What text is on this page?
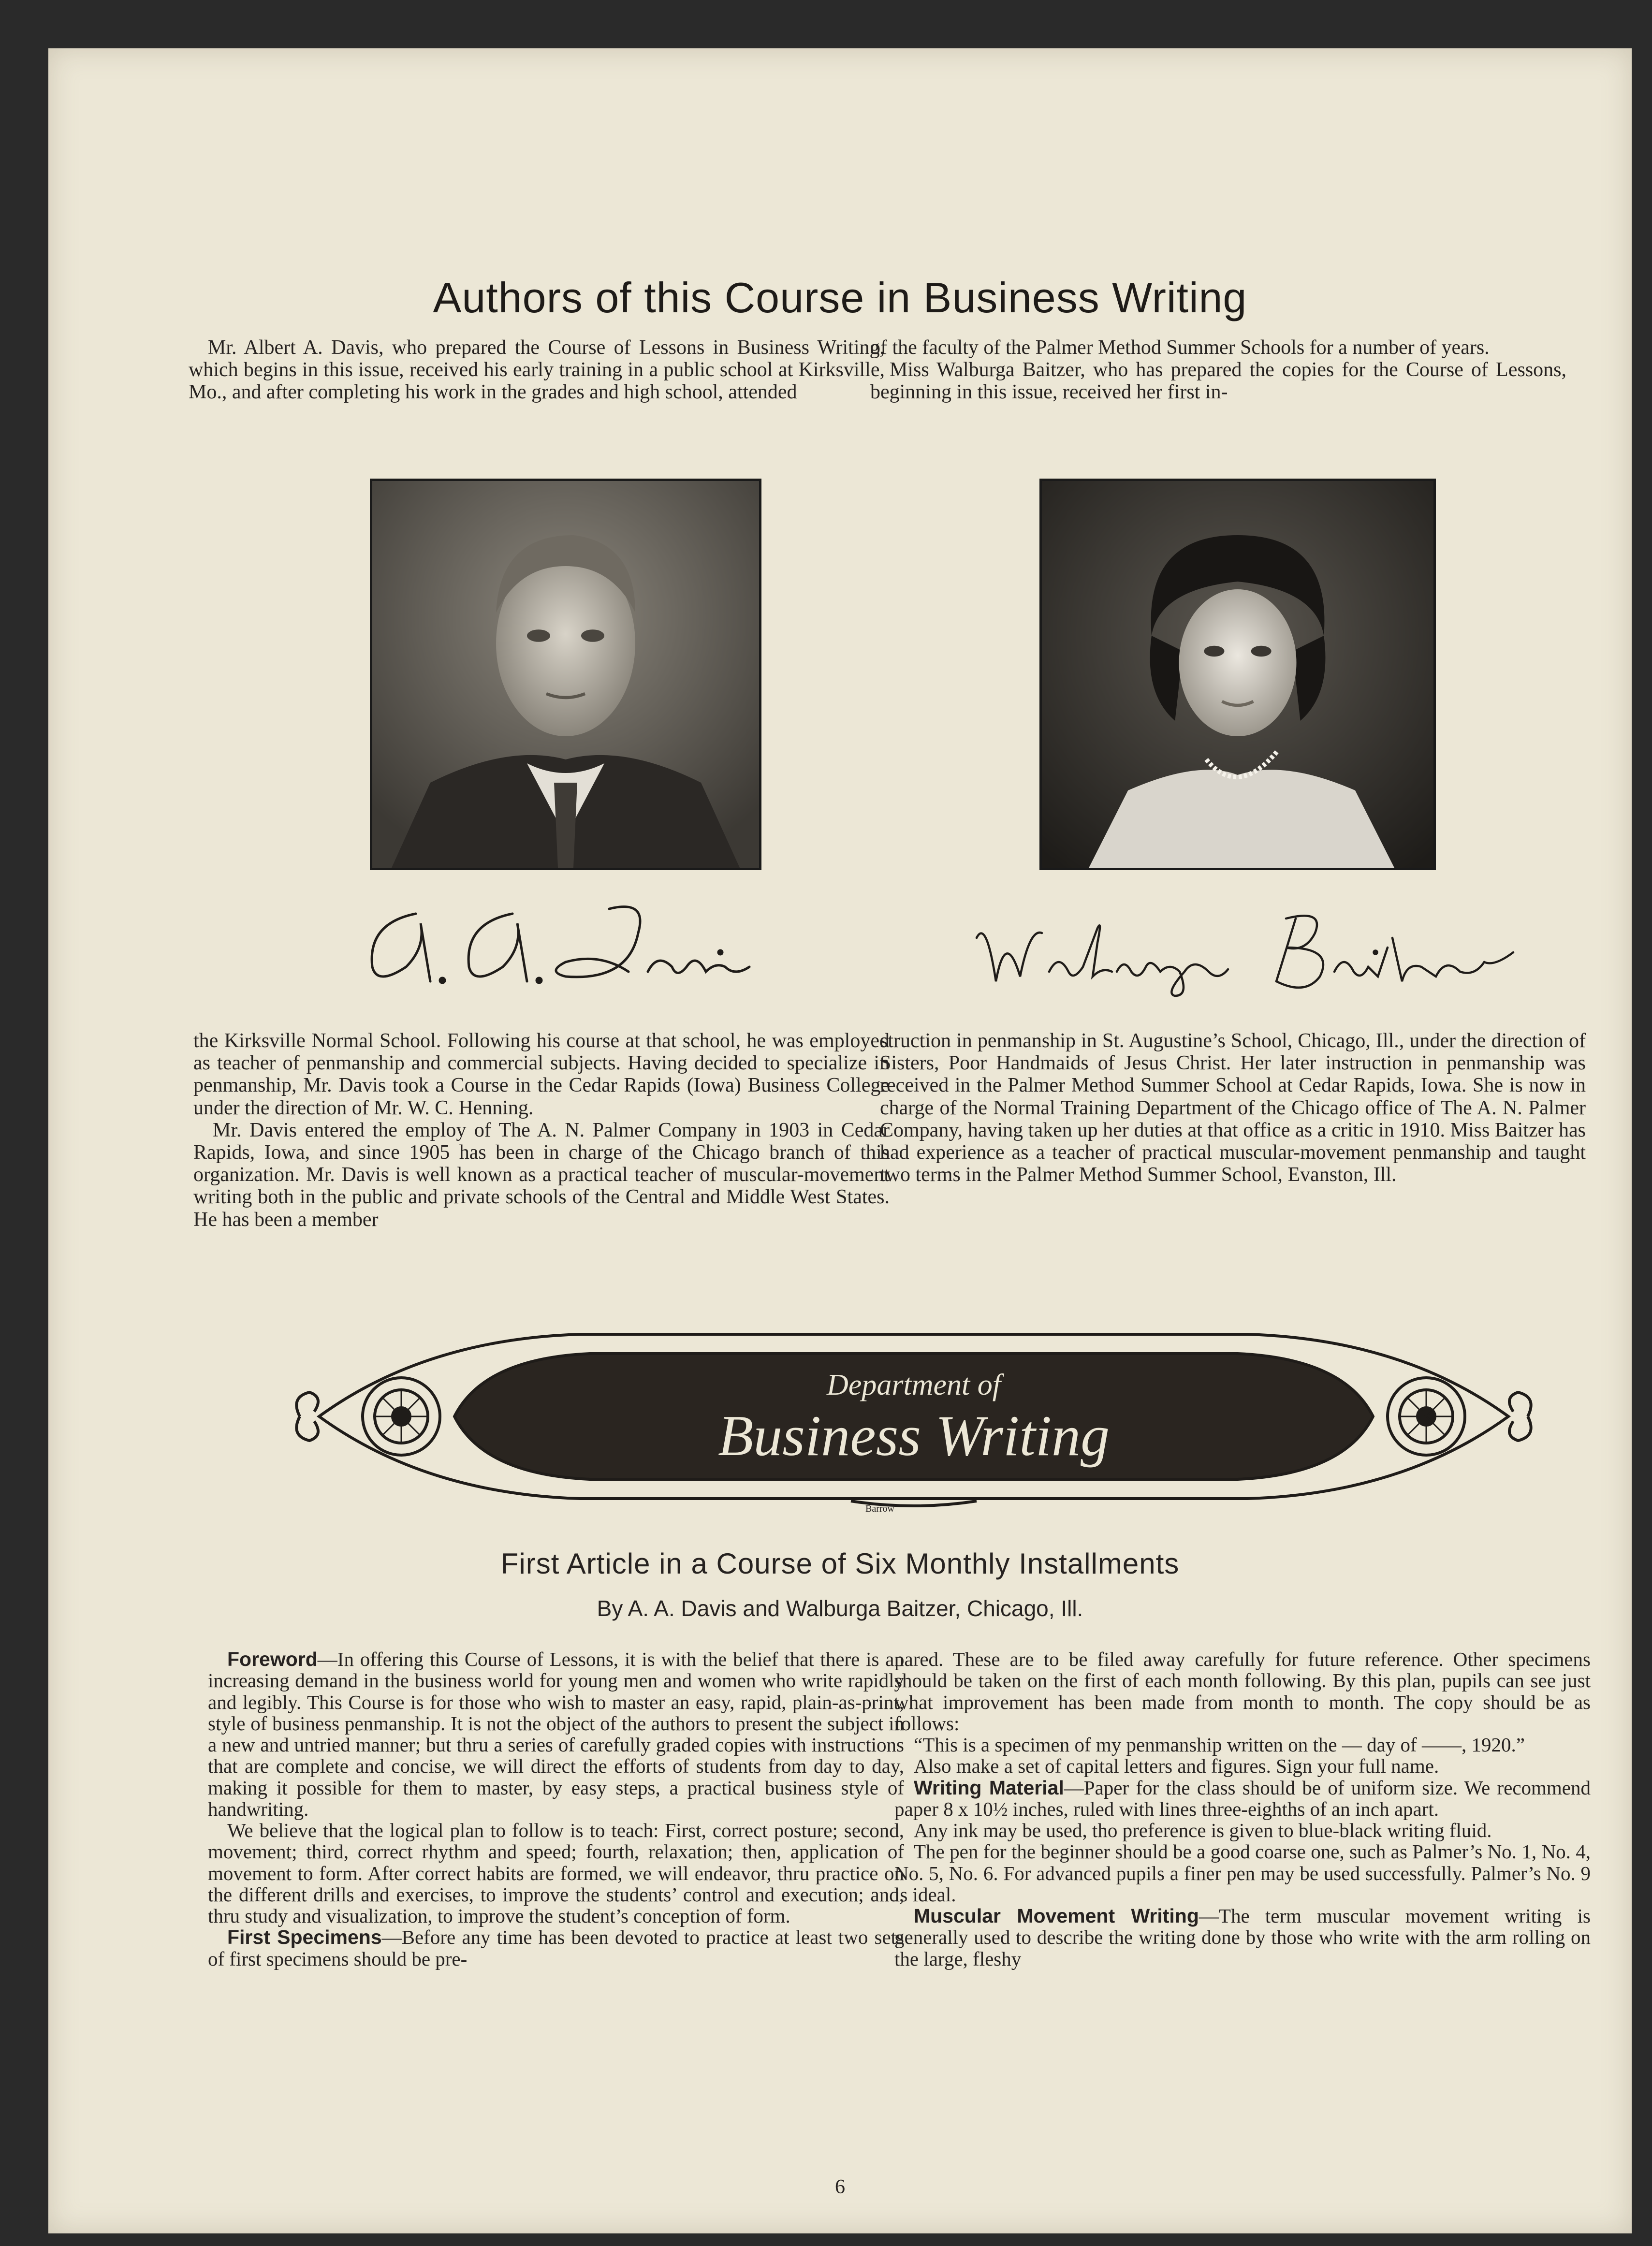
Authors of this Course in Business Writing

Mr. Albert A. Davis, who prepared the Course of Lessons in Business Writing, which begins in this issue, received his early training in a public school at Kirksville, Mo., and after completing his work in the grades and high school, attended

of the faculty of the Palmer Method Summer Schools for a number of years.

Miss Walburga Baitzer, who has prepared the copies for the Course of Lessons, beginning in this issue, received her first in-

the Kirksville Normal School. Following his course at that school, he was employed as teacher of penmanship and commercial subjects. Having decided to specialize in penmanship, Mr. Davis took a Course in the Cedar Rapids (Iowa) Business College under the direction of Mr. W. C. Henning.

Mr. Davis entered the employ of The A. N. Palmer Company in 1903 in Cedar Rapids, Iowa, and since 1905 has been in charge of the Chicago branch of this organization. Mr. Davis is well known as a practical teacher of muscular-movement writing both in the public and private schools of the Central and Middle West States. He has been a member

struction in penmanship in St. Augustine’s School, Chicago, Ill., under the direction of Sisters, Poor Handmaids of Jesus Christ. Her later instruction in penmanship was received in the Palmer Method Summer School at Cedar Rapids, Iowa. She is now in charge of the Normal Training Department of the Chicago office of The A. N. Palmer Company, having taken up her duties at that office as a critic in 1910. Miss Baitzer has had experience as a teacher of practical muscular-movement penmanship and taught two terms in the Palmer Method Summer School, Evanston, Ill.

Department of
Business Writing
Barrow
First Article in a Course of Six Monthly Installments
By A. A. Davis and Walburga Baitzer, Chicago, Ill.

Foreword—In offering this Course of Lessons, it is with the belief that there is an increasing demand in the business world for young men and women who write rapidly and legibly. This Course is for those who wish to master an easy, rapid, plain-as-print, style of business penmanship. It is not the object of the authors to present the subject in a new and untried manner; but thru a series of carefully graded copies with instructions that are complete and concise, we will direct the efforts of students from day to day, making it possible for them to master, by easy steps, a practical business style of handwriting.

We believe that the logical plan to follow is to teach: First, correct posture; second, movement; third, correct rhythm and speed; fourth, relaxation; then, application of movement to form. After correct habits are formed, we will endeavor, thru practice on the different drills and exercises, to improve the students’ control and execution; and, thru study and visualization, to improve the student’s conception of form.

First Specimens—Before any time has been devoted to practice at least two sets of first specimens should be pre-

pared. These are to be filed away carefully for future reference. Other specimens should be taken on the first of each month following. By this plan, pupils can see just what improvement has been made from month to month. The copy should be as follows:

“This is a specimen of my penmanship written on the — day of ——, 1920.”

Also make a set of capital letters and figures. Sign your full name.

Writing Material—Paper for the class should be of uniform size. We recommend paper 8 x 10½ inches, ruled with lines three-eighths of an inch apart.

Any ink may be used, tho preference is given to blue-black writing fluid.

The pen for the beginner should be a good coarse one, such as Palmer’s No. 1, No. 4, No. 5, No. 6. For advanced pupils a finer pen may be used successfully. Palmer’s No. 9 is ideal.

Muscular Movement Writing—The term muscular movement writing is generally used to describe the writing done by those who write with the arm rolling on the large, fleshy

6
